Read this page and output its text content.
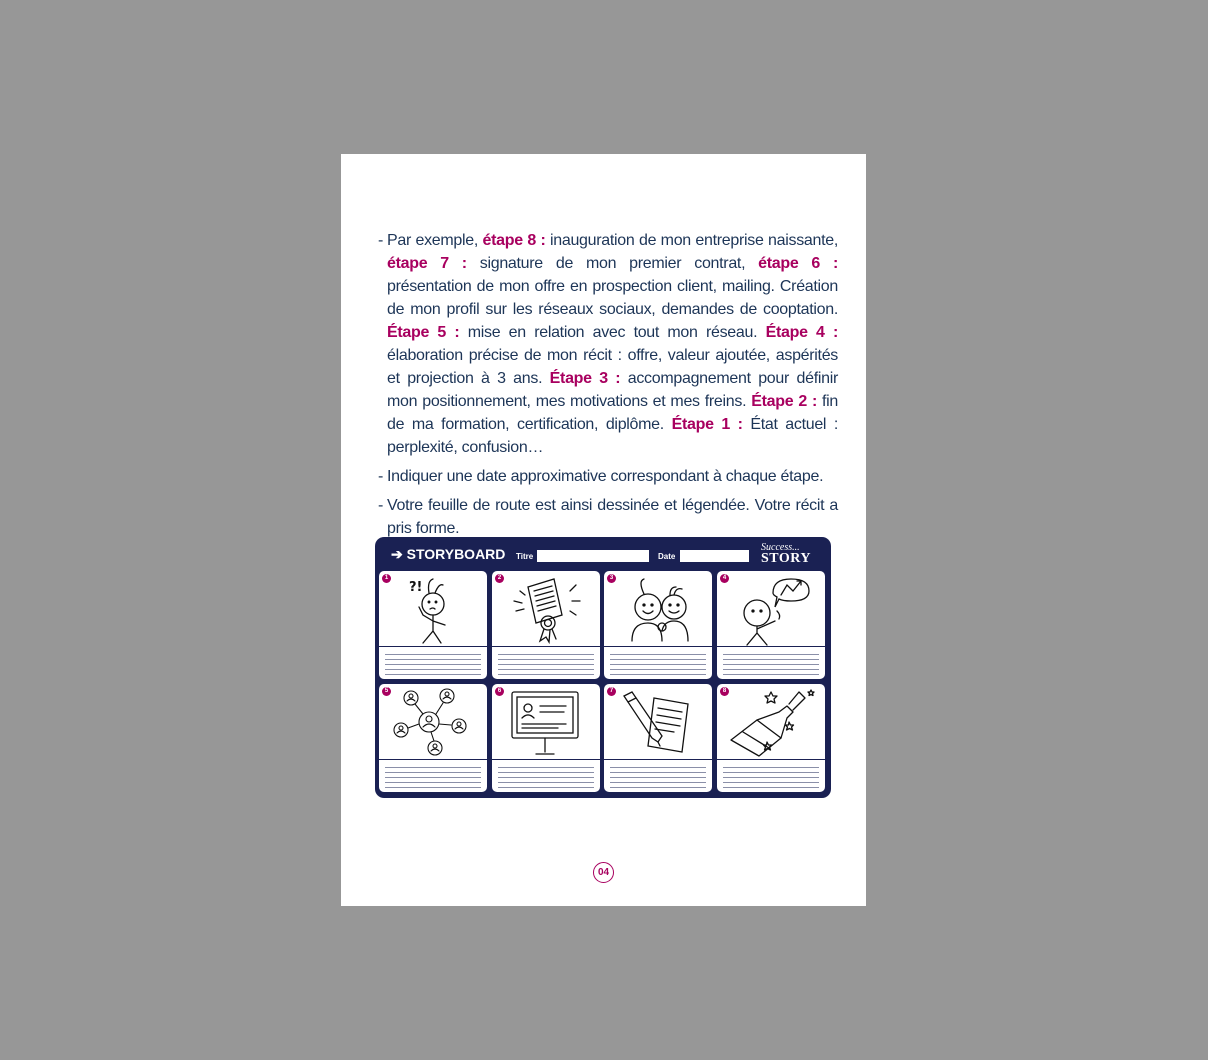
- Par exemple, étape 8 : inauguration de mon entreprise naissante, étape 7 : signature de mon premier contrat, étape 6 : présentation de mon offre en prospection client, mailing. Création de mon profil sur les réseaux sociaux, demandes de cooptation. Étape 5 : mise en relation avec tout mon réseau. Étape 4 : élaboration précise de mon récit : offre, valeur ajoutée, aspérités et projection à 3 ans. Étape 3 : accompagnement pour définir mon positionnement, mes motivations et mes freins. Étape 2 : fin de ma formation, certification, diplôme. Étape 1 : État actuel : perplexité, confusion…
- Indiquer une date approximative correspondant à chaque étape.
- Votre feuille de route est ainsi dessinée et légendée. Votre récit a pris forme.
➔ STORYBOARD Titre	Date
Success...
STORY
1
?!
2	3	4
5	6	7	8
04
